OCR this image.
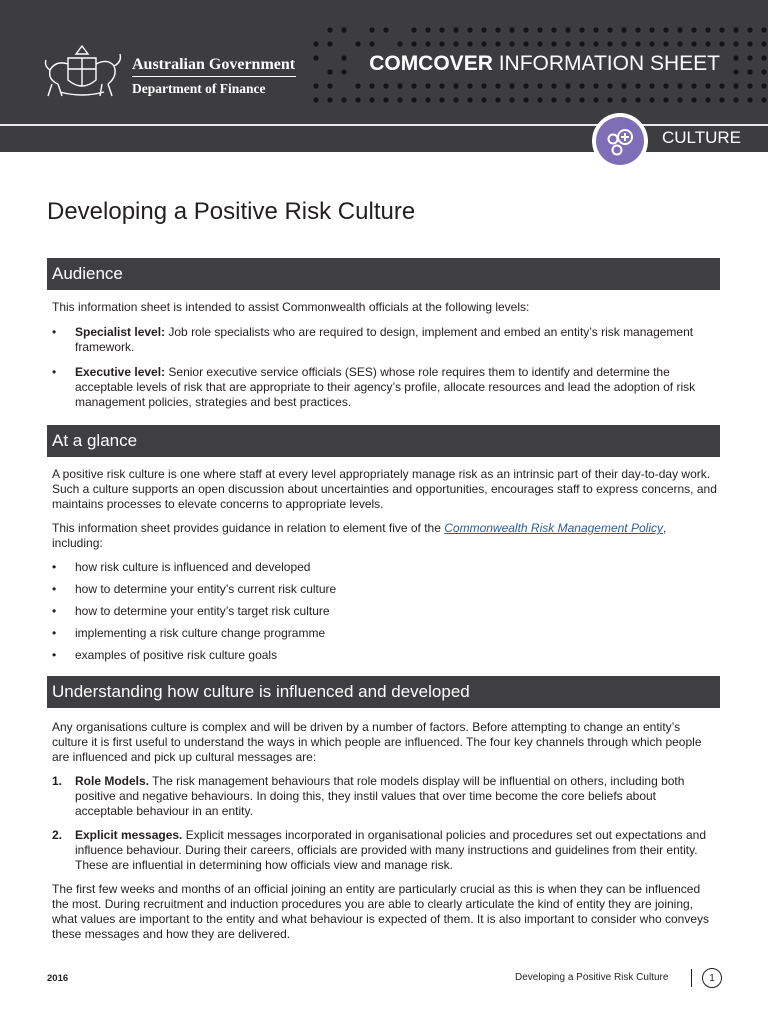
Australian Government
Department of Finance
COMCOVER INFORMATION SHEET
CULTURE
Developing a Positive Risk Culture
Audience

This information sheet is intended to assist Commonwealth officials at the following levels:

• Specialist level: Job role specialists who are required to design, implement and embed an entity’s risk management framework.
• Executive level: Senior executive service officials (SES) whose role requires them to identify and determine the acceptable levels of risk that are appropriate to their agency’s profile, allocate resources and lead the adoption of risk management policies, strategies and best practices.
At a glance

A positive risk culture is one where staff at every level appropriately manage risk as an intrinsic part of their day-to-day work. Such a culture supports an open discussion about uncertainties and opportunities, encourages staff to express concerns, and maintains processes to elevate concerns to appropriate levels.

This information sheet provides guidance in relation to element five of the Commonwealth Risk Management Policy, including:

• how risk culture is influenced and developed
• how to determine your entity’s current risk culture
• how to determine your entity’s target risk culture
• implementing a risk culture change programme
• examples of positive risk culture goals
Understanding how culture is influenced and developed

Any organisations culture is complex and will be driven by a number of factors. Before attempting to change an entity’s culture it is first useful to understand the ways in which people are influenced. The four key channels through which people are influenced and pick up cultural messages are:

1. Role Models. The risk management behaviours that role models display will be influential on others, including both positive and negative behaviours. In doing this, they instil values that over time become the core beliefs about acceptable behaviour in an entity.
2. Explicit messages. Explicit messages incorporated in organisational policies and procedures set out expectations and influence behaviour. During their careers, officials are provided with many instructions and guidelines from their entity. These are influential in determining how officials view and manage risk.

The first few weeks and months of an official joining an entity are particularly crucial as this is when they can be influenced the most. During recruitment and induction procedures you are able to clearly articulate the kind of entity they are joining, what values are important to the entity and what behaviour is expected of them. It is also important to consider who conveys these messages and how they are delivered.

2016	Developing a Positive Risk Culture	1
